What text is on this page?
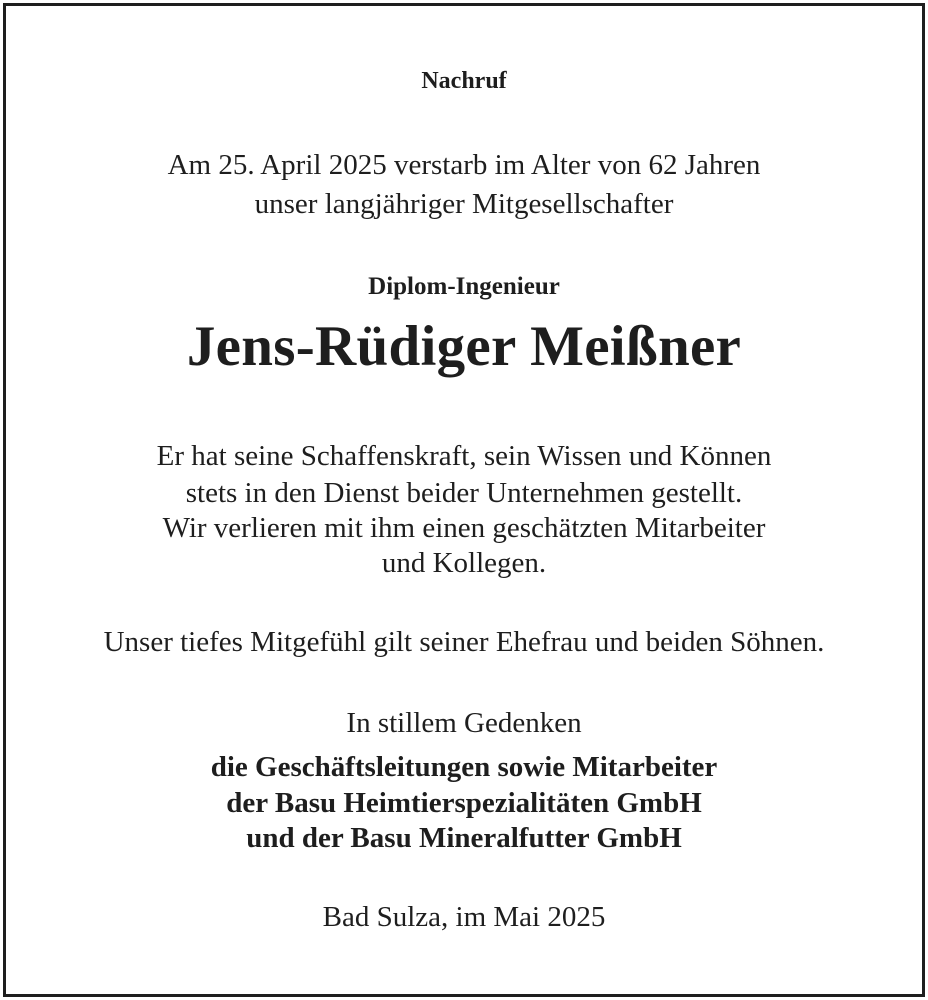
Nachruf
Am 25. April 2025 verstarb im Alter von 62 Jahren
unser langjähriger Mitgesellschafter
Diplom-Ingenieur
Jens-Rüdiger Meißner
Er hat seine Schaffenskraft, sein Wissen und Können
stets in den Dienst beider Unternehmen gestellt.
Wir verlieren mit ihm einen geschätzten Mitarbeiter
und Kollegen.
Unser tiefes Mitgefühl gilt seiner Ehefrau und beiden Söhnen.
In stillem Gedenken
die Geschäftsleitungen sowie Mitarbeiter
der Basu Heimtierspezialitäten GmbH
und der Basu Mineralfutter GmbH
Bad Sulza, im Mai 2025
